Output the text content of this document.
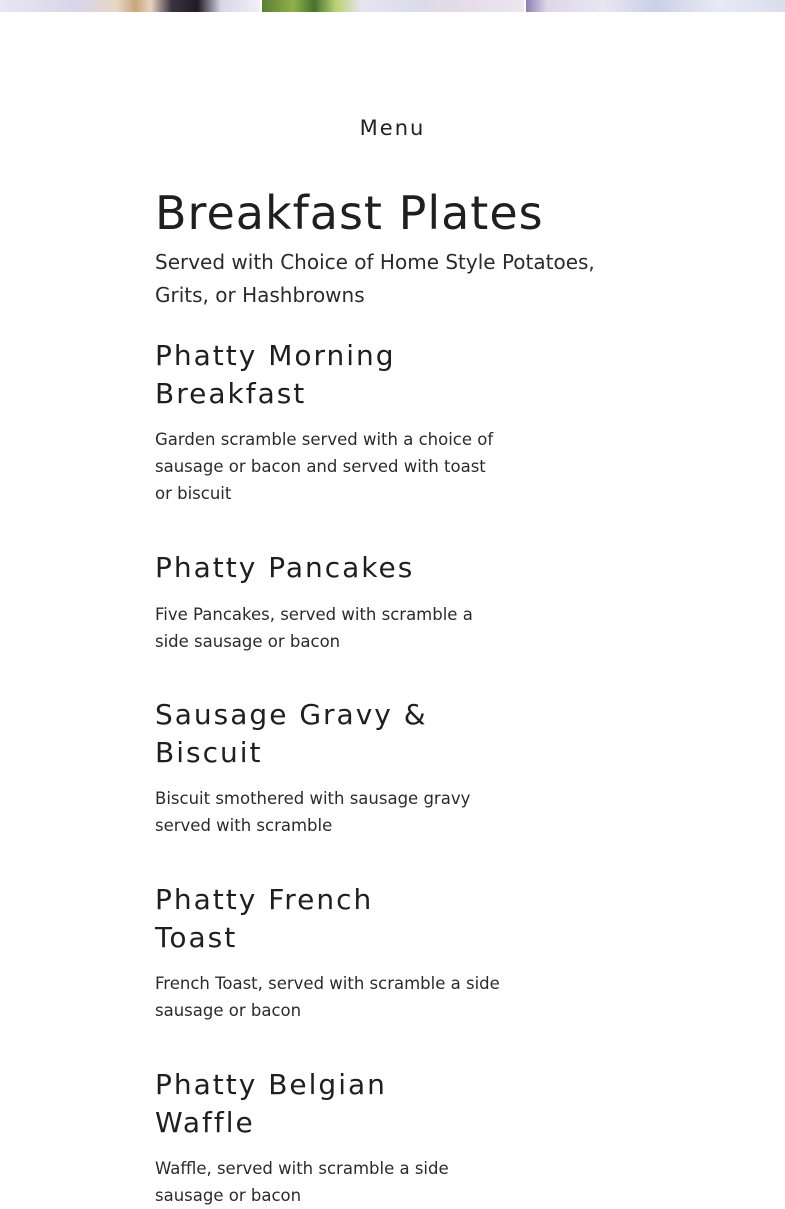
Menu
Breakfast Plates

Served with Choice of Home Style Potatoes, Grits, or Hashbrowns

Phatty Morning Breakfast

Garden scramble served with a choice of sausage or bacon and served with toast or biscuit

Phatty Pancakes

Five Pancakes, served with scramble a side sausage or bacon

Sausage Gravy & Biscuit

Biscuit smothered with sausage gravy served with scramble

Phatty French Toast

French Toast, served with scramble a side sausage or bacon

Phatty Belgian Waffle

Waffle, served with scramble a side sausage or bacon
